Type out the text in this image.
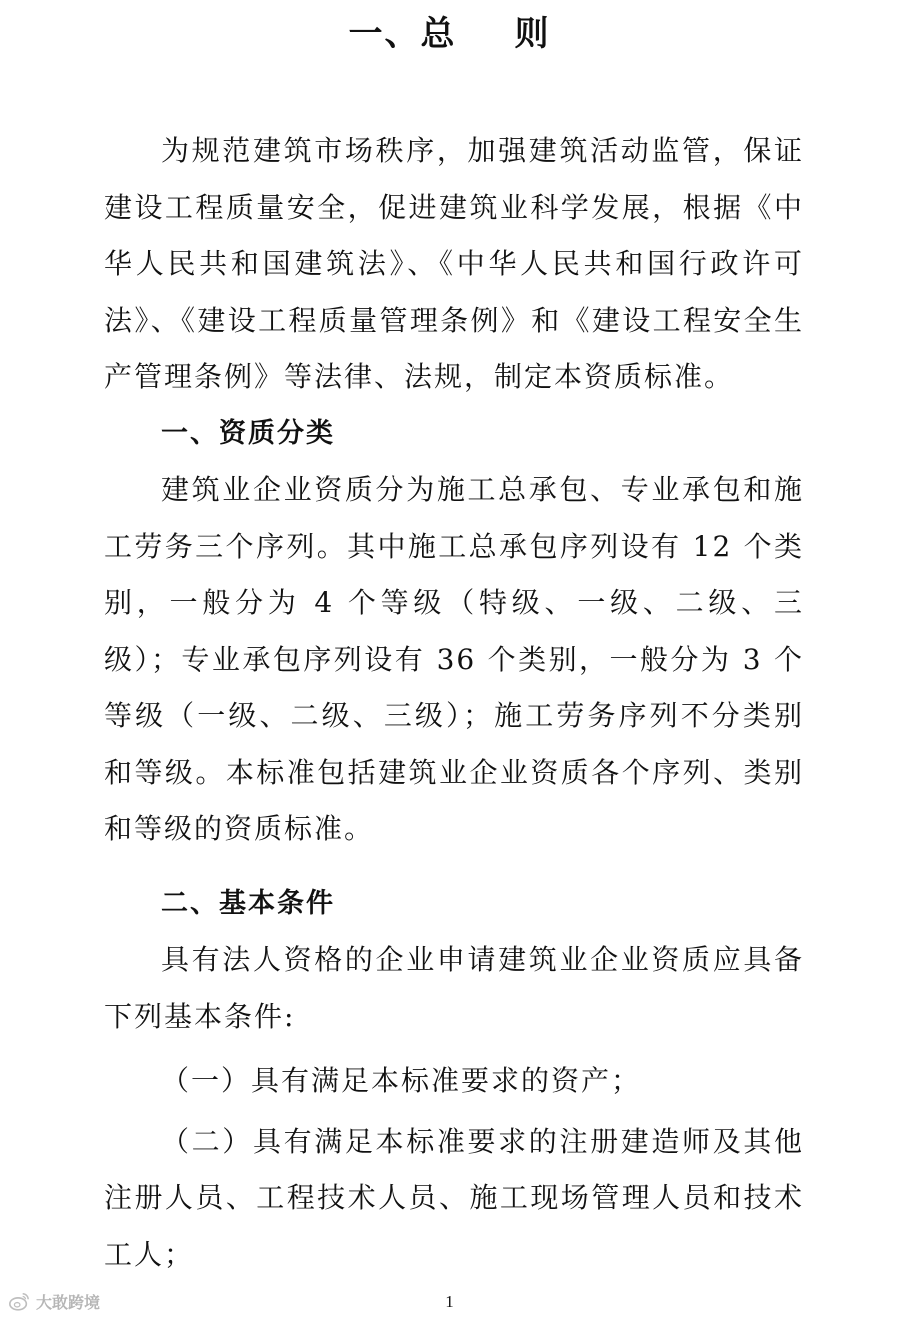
一、总 则

为规范建筑市场秩序，加强建筑活动监管，保证建设工程质量安全，促进建筑业科学发展，根据《中华人民共和国建筑法》、《中华人民共和国行政许可法》、《建设工程质量管理条例》和《建设工程安全生产管理条例》等法律、法规，制定本资质标准。

一、资质分类

建筑业企业资质分为施工总承包、专业承包和施工劳务三个序列。其中施工总承包序列设有 12 个类别，一般分为 4 个等级（特级、一级、二级、三级）；专业承包序列设有 36 个类别，一般分为 3 个等级（一级、二级、三级）；施工劳务序列不分类别和等级。本标准包括建筑业企业资质各个序列、类别和等级的资质标准。

二、基本条件

具有法人资格的企业申请建筑业企业资质应具备下列基本条件:

（一）具有满足本标准要求的资产；

（二）具有满足本标准要求的注册建造师及其他注册人员、工程技术人员、施工现场管理人员和技术工人；

1
大敢跨境
